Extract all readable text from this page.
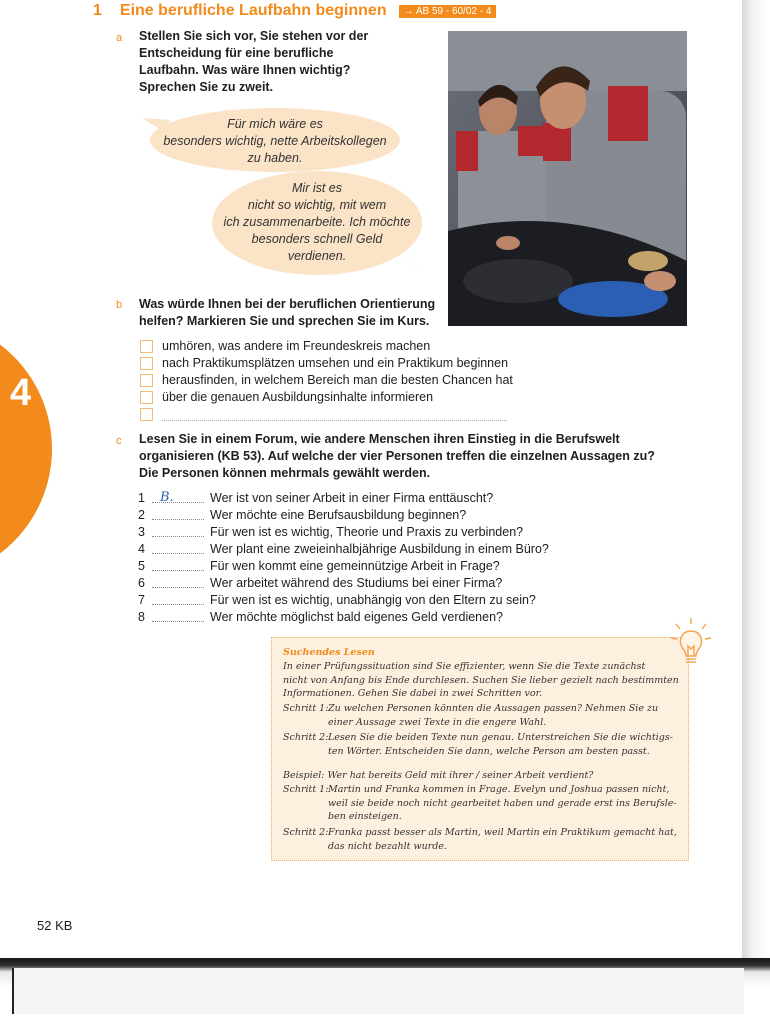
4
1 Eine berufliche Laufbahn beginnen	→ AB 59 - 60/02 - 4
a Stellen Sie sich vor, Sie stehen vor der
Entscheidung für eine berufliche
Laufbahn. Was wäre Ihnen wichtig?
Sprechen Sie zu zweit.
Für mich wäre es
besonders wichtig, nette Arbeitskollegen
zu haben.
Mir ist es
nicht so wichtig, mit wem
ich zusammenarbeite. Ich möchte
besonders schnell Geld
verdienen.
b Was würde Ihnen bei der beruflichen Orientierung
helfen? Markieren Sie und sprechen Sie im Kurs.
umhören, was andere im Freundeskreis machen
nach Praktikumsplätzen umsehen und ein Praktikum beginnen
herausfinden, in welchem Bereich man die besten Chancen hat
über die genauen Ausbildungsinhalte informieren
c Lesen Sie in einem Forum, wie andere Menschen ihren Einstieg in die Berufswelt
organisieren (KB 53). Auf welche der vier Personen treffen die einzelnen Aussagen zu?
Die Personen können mehrmals gewählt werden.
1	B.	Wer ist von seiner Arbeit in einer Firma enttäuscht?
2	Wer möchte eine Berufsausbildung beginnen?
3	Für wen ist es wichtig, Theorie und Praxis zu verbinden?
4	Wer plant eine zweieinhalbjährige Ausbildung in einem Büro?
5	Für wen kommt eine gemeinnützige Arbeit in Frage?
6	Wer arbeitet während des Studiums bei einer Firma?
7	Für wen ist es wichtig, unabhängig von den Eltern zu sein?
8	Wer möchte möglichst bald eigenes Geld verdienen?
Suchendes Lesen
In einer Prüfungssituation sind Sie effizienter, wenn Sie die Texte zunächst
nicht von Anfang bis Ende durchlesen. Suchen Sie lieber gezielt nach bestimmten
Informationen. Gehen Sie dabei in zwei Schritten vor.
Schritt 1: Zu welchen Personen könnten die Aussagen passen? Nehmen Sie zu
einer Aussage zwei Texte in die engere Wahl.
Schritt 2: Lesen Sie die beiden Texte nun genau. Unterstreichen Sie die wichtigs-
ten Wörter. Entscheiden Sie dann, welche Person am besten passt.
Beispiel: Wer hat bereits Geld mit ihrer / seiner Arbeit verdient?
Schritt 1: Martin und Franka kommen in Frage. Evelyn und Joshua passen nicht,
weil sie beide noch nicht gearbeitet haben und gerade erst ins Berufsle-
ben einsteigen.
Schritt 2: Franka passt besser als Martin, weil Martin ein Praktikum gemacht hat,
das nicht bezahlt wurde.
52 KB
